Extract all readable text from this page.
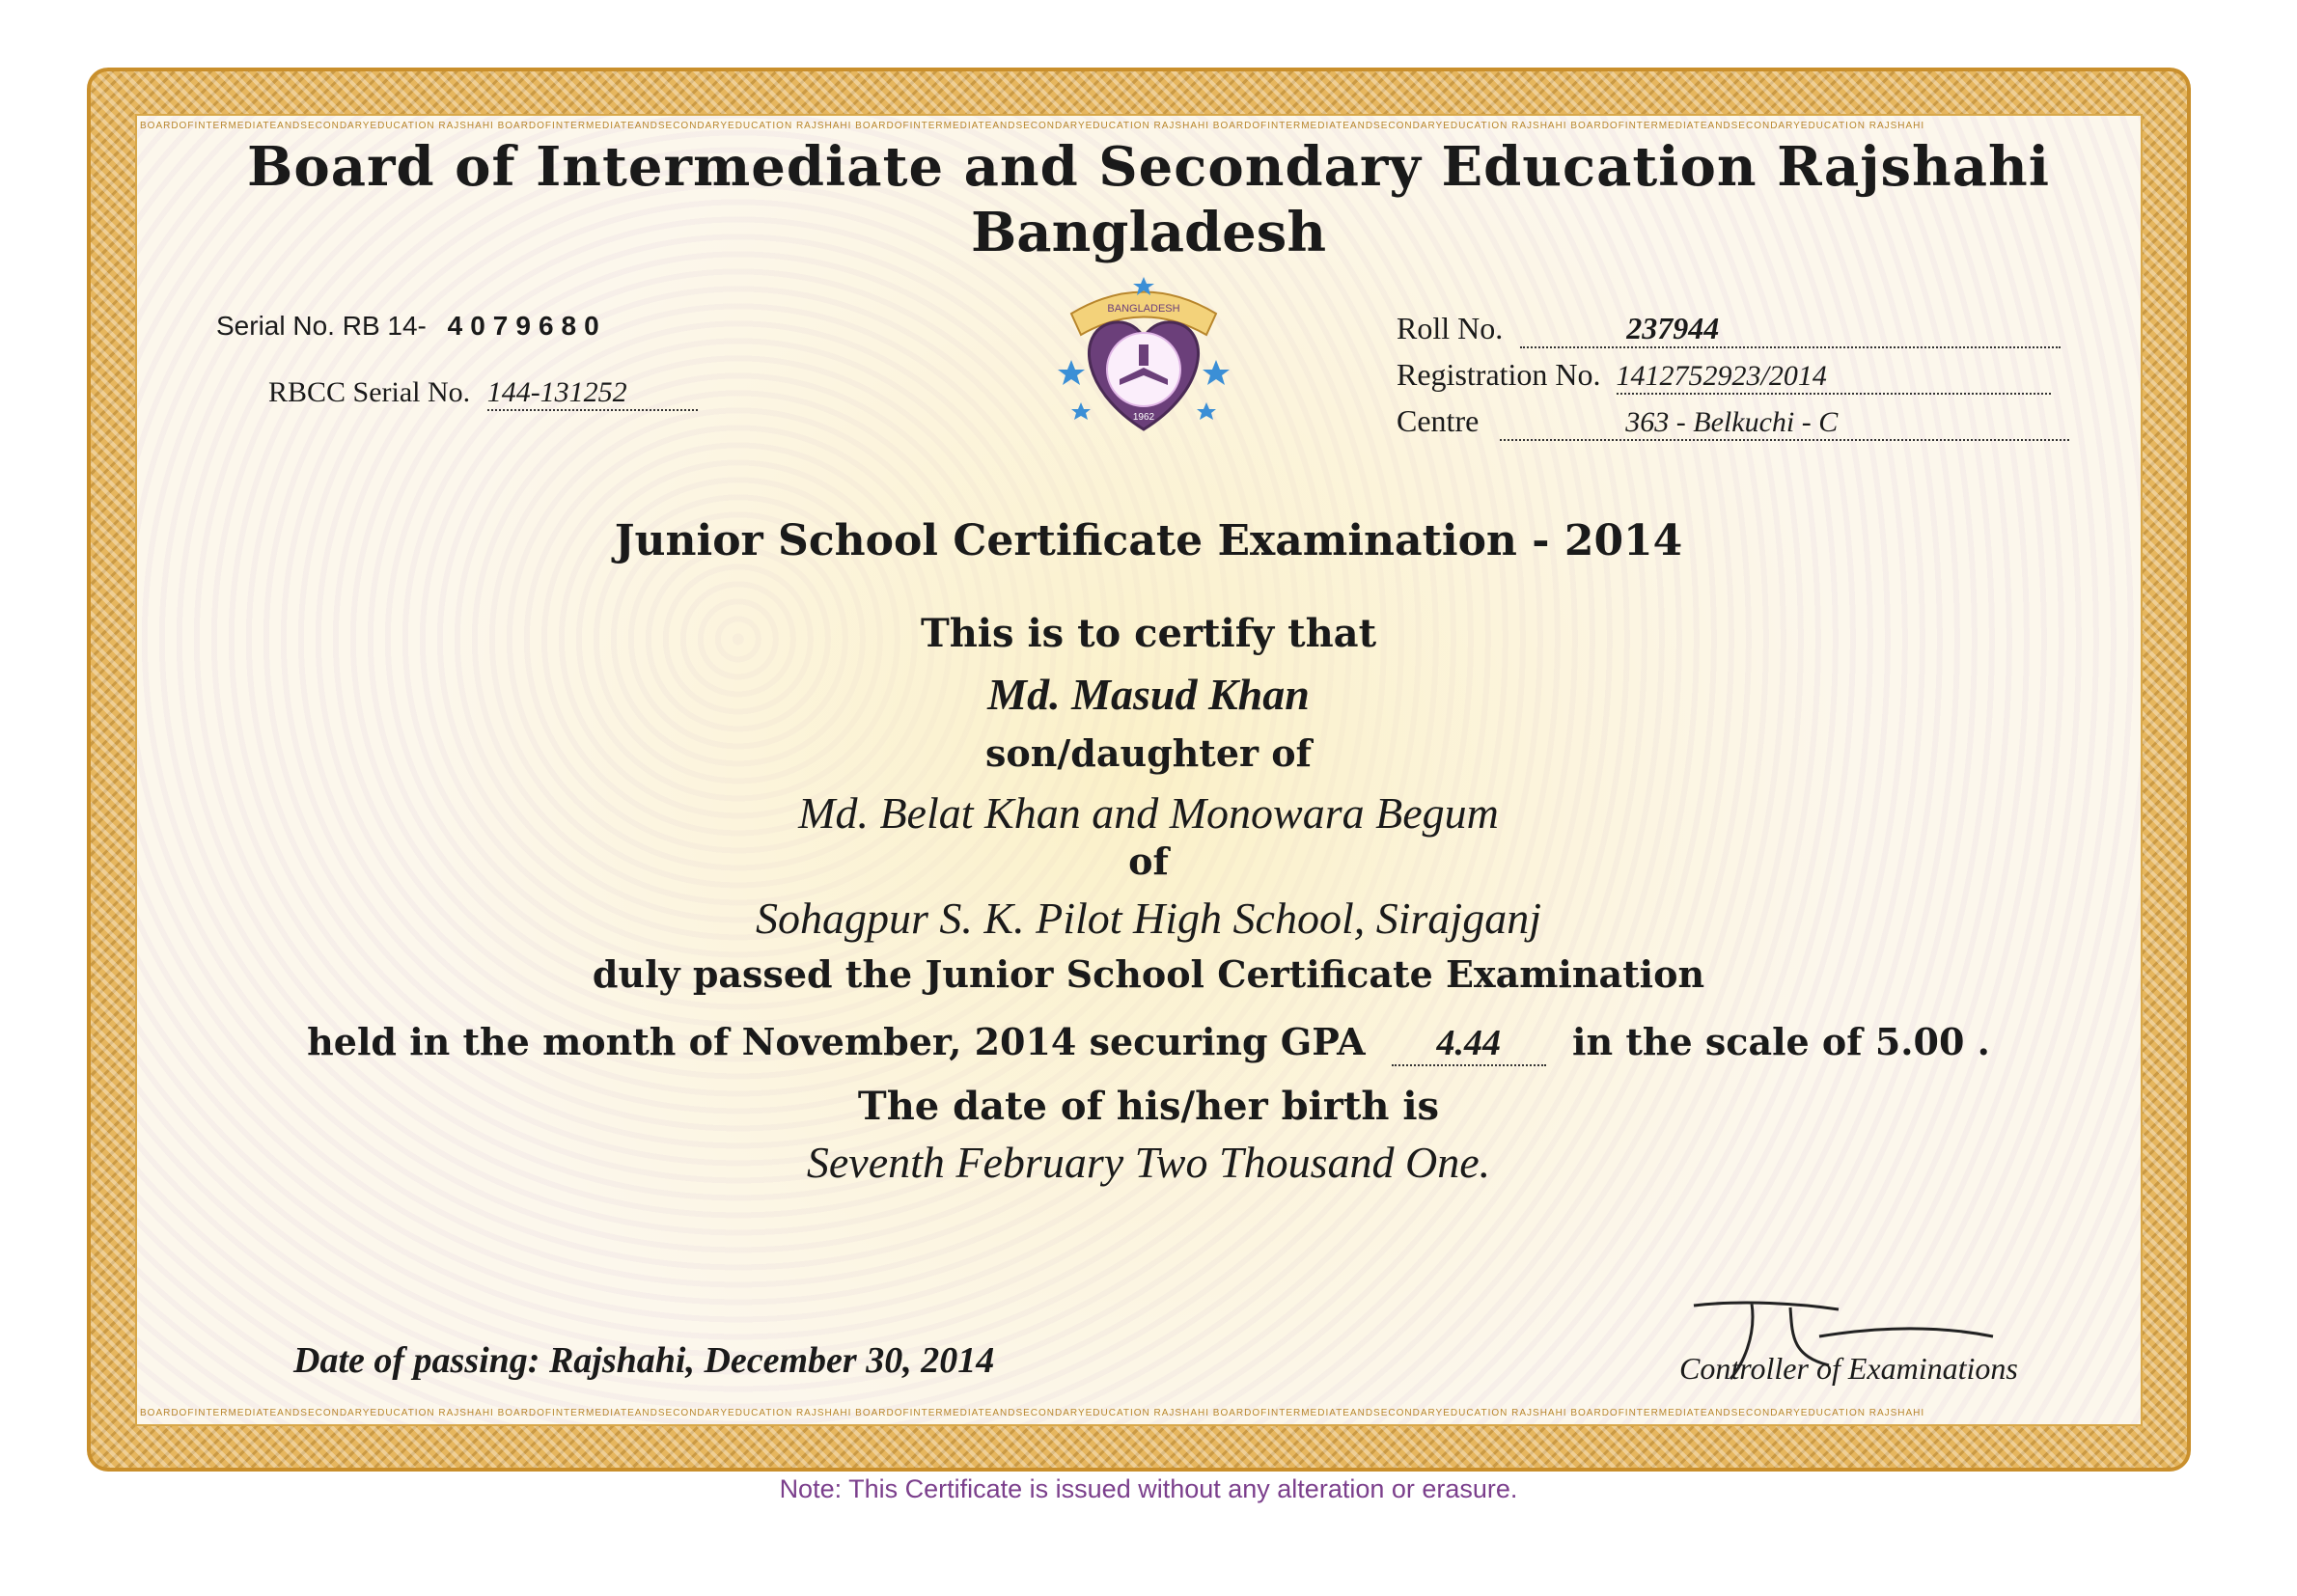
BOARDOFINTERMEDIATEANDSECONDARYEDUCATION RAJSHAHI BOARDOFINTERMEDIATEANDSECONDARYEDUCATION RAJSHAHI BOARDOFINTERMEDIATEANDSECONDARYEDUCATION RAJSHAHI BOARDOFINTERMEDIATEANDSECONDARYEDUCATION RAJSHAHI BOARDOFINTERMEDIATEANDSECONDARYEDUCATION RAJSHAHI
BOARDOFINTERMEDIATEANDSECONDARYEDUCATION RAJSHAHI BOARDOFINTERMEDIATEANDSECONDARYEDUCATION RAJSHAHI BOARDOFINTERMEDIATEANDSECONDARYEDUCATION RAJSHAHI BOARDOFINTERMEDIATEANDSECONDARYEDUCATION RAJSHAHI BOARDOFINTERMEDIATEANDSECONDARYEDUCATION RAJSHAHI
Board of Intermediate and Secondary Education Rajshahi
Bangladesh
Serial No. RB 14- 4079680
RBCC Serial No. 144-131252
BANGLADESH
1962
Roll No.	237944
Registration No. 1412752923/2014
Centre	363 - Belkuchi - C
Junior School Certificate Examination - 2014
This is to certify that
Md. Masud Khan
son/daughter of
Md. Belat Khan and Monowara Begum
of
Sohagpur S. K. Pilot High School, Sirajganj
duly passed the Junior School Certificate Examination
held in the month of November, 2014 securing GPA 4.44 in the scale of 5.00 .
The date of his/her birth is
Seventh February Two Thousand One.
Date of passing: Rajshahi, December 30, 2014	Controller of Examinations
Note: This Certificate is issued without any alteration or erasure.
